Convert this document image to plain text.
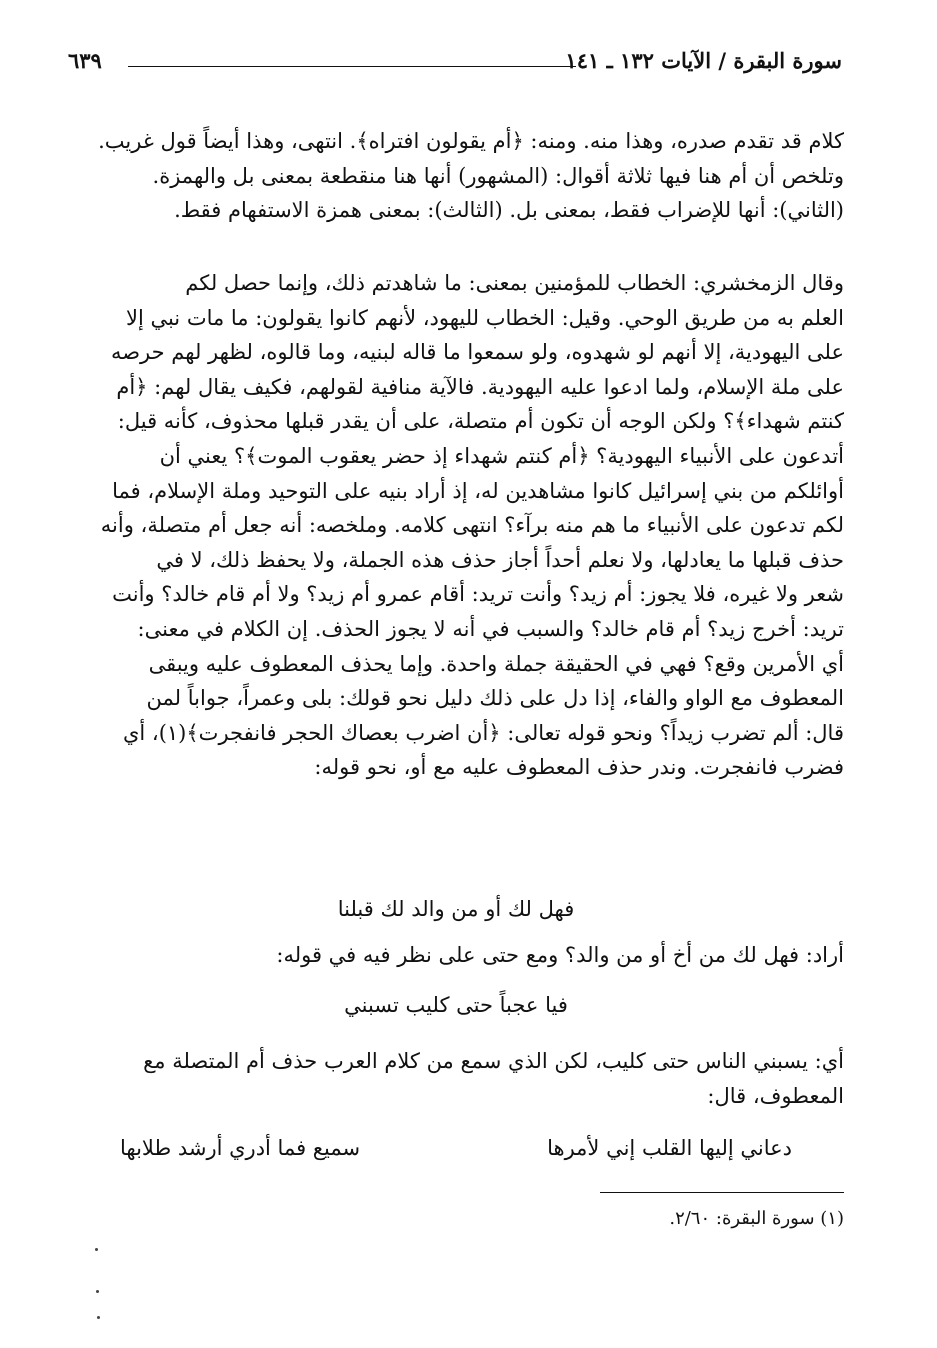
سورة البقرة / الآيات ١٣٢ ـ ١٤١
٦٣٩
كلام قد تقدم صدره، وهذا منه. ومنه: ﴿أم يقولون افتراه﴾. انتهى، وهذا أيضاً قول غريب.
وتلخص أن أم هنا فيها ثلاثة أقوال: (المشهور) أنها هنا منقطعة بمعنى بل والهمزة.
(الثاني): أنها للإضراب فقط، بمعنى بل. (الثالث): بمعنى همزة الاستفهام فقط.
وقال الزمخشري: الخطاب للمؤمنين بمعنى: ما شاهدتم ذلك، وإنما حصل لكم
العلم به من طريق الوحي. وقيل: الخطاب لليهود، لأنهم كانوا يقولون: ما مات نبي إلا
على اليهودية، إلا أنهم لو شهدوه، ولو سمعوا ما قاله لبنيه، وما قالوه، لظهر لهم حرصه
على ملة الإسلام، ولما ادعوا عليه اليهودية. فالآية منافية لقولهم، فكيف يقال لهم: ﴿أم
كنتم شهداء﴾؟ ولكن الوجه أن تكون أم متصلة، على أن يقدر قبلها محذوف، كأنه قيل:
أتدعون على الأنبياء اليهودية؟ ﴿أم كنتم شهداء إذ حضر يعقوب الموت﴾؟ يعني أن
أوائلكم من بني إسرائيل كانوا مشاهدين له، إذ أراد بنيه على التوحيد وملة الإسلام، فما
لكم تدعون على الأنبياء ما هم منه برآء؟ انتهى كلامه. وملخصه: أنه جعل أم متصلة، وأنه
حذف قبلها ما يعادلها، ولا نعلم أحداً أجاز حذف هذه الجملة، ولا يحفظ ذلك، لا في
شعر ولا غيره، فلا يجوز: أم زيد؟ وأنت تريد: أقام عمرو أم زيد؟ ولا أم قام خالد؟ وأنت
تريد: أخرج زيد؟ أم قام خالد؟ والسبب في أنه لا يجوز الحذف. إن الكلام في معنى:
أي الأمرين وقع؟ فهي في الحقيقة جملة واحدة. وإما يحذف المعطوف عليه ويبقى
المعطوف مع الواو والفاء، إذا دل على ذلك دليل نحو قولك: بلى وعمراً، جواباً لمن
قال: ألم تضرب زيداً؟ ونحو قوله تعالى: ﴿أن اضرب بعصاك الحجر فانفجرت﴾(١)، أي
فضرب فانفجرت. وندر حذف المعطوف عليه مع أو، نحو قوله:
فهل لك أو من والد لك قبلنا
أراد: فهل لك من أخ أو من والد؟ ومع حتى على نظر فيه في قوله:
فيا عجباً حتى كليب تسبني
أي: يسبني الناس حتى كليب، لكن الذي سمع من كلام العرب حذف أم المتصلة مع
المعطوف، قال:
دعاني إليها القلب إني لأمرها
سميع فما أدري أرشد طلابها
(١) سورة البقرة: ٢/٦٠.
